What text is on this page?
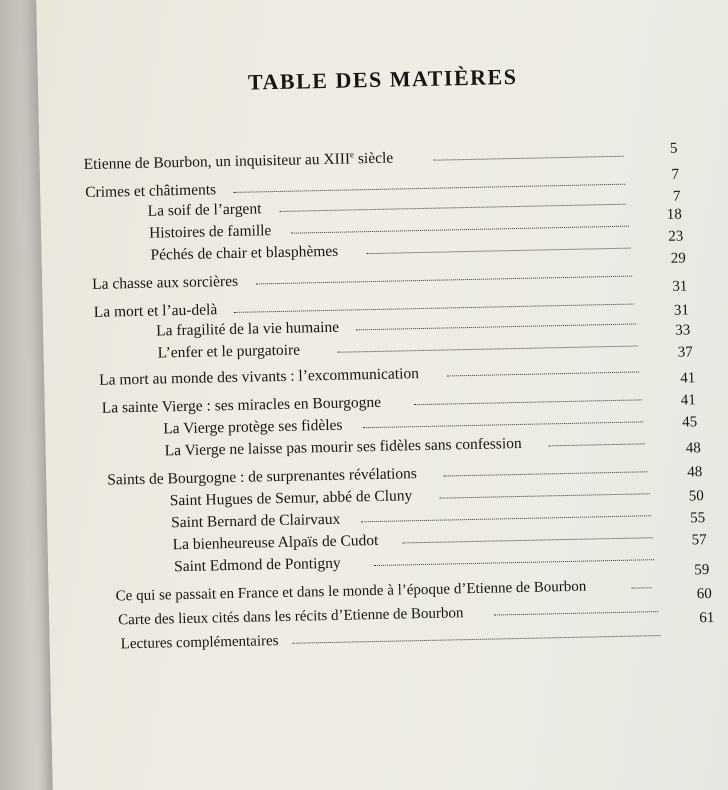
TABLE DES MATIÈRES
Etienne de Bourbon, un inquisiteur au XIIIe siècle
5
Crimes et châtiments
7
La soif de l’argent
7
Histoires de famille
18
Péchés de chair et blasphèmes
23
La chasse aux sorcières
29
La mort et l’au-delà
31
La fragilité de la vie humaine
31
L’enfer et le purgatoire
33
La mort au monde des vivants : l’excommunication
37
La sainte Vierge : ses miracles en Bourgogne
41
La Vierge protège ses fidèles
41
La Vierge ne laisse pas mourir ses fidèles sans confession
45
Saints de Bourgogne : de surprenantes révélations
48
Saint Hugues de Semur, abbé de Cluny
48
Saint Bernard de Clairvaux
50
La bienheureuse Alpaïs de Cudot
55
Saint Edmond de Pontigny
57
Ce qui se passait en France et dans le monde à l’époque d’Etienne de Bourbon
59
Carte des lieux cités dans les récits d’Etienne de Bourbon
60
Lectures complémentaires
61
